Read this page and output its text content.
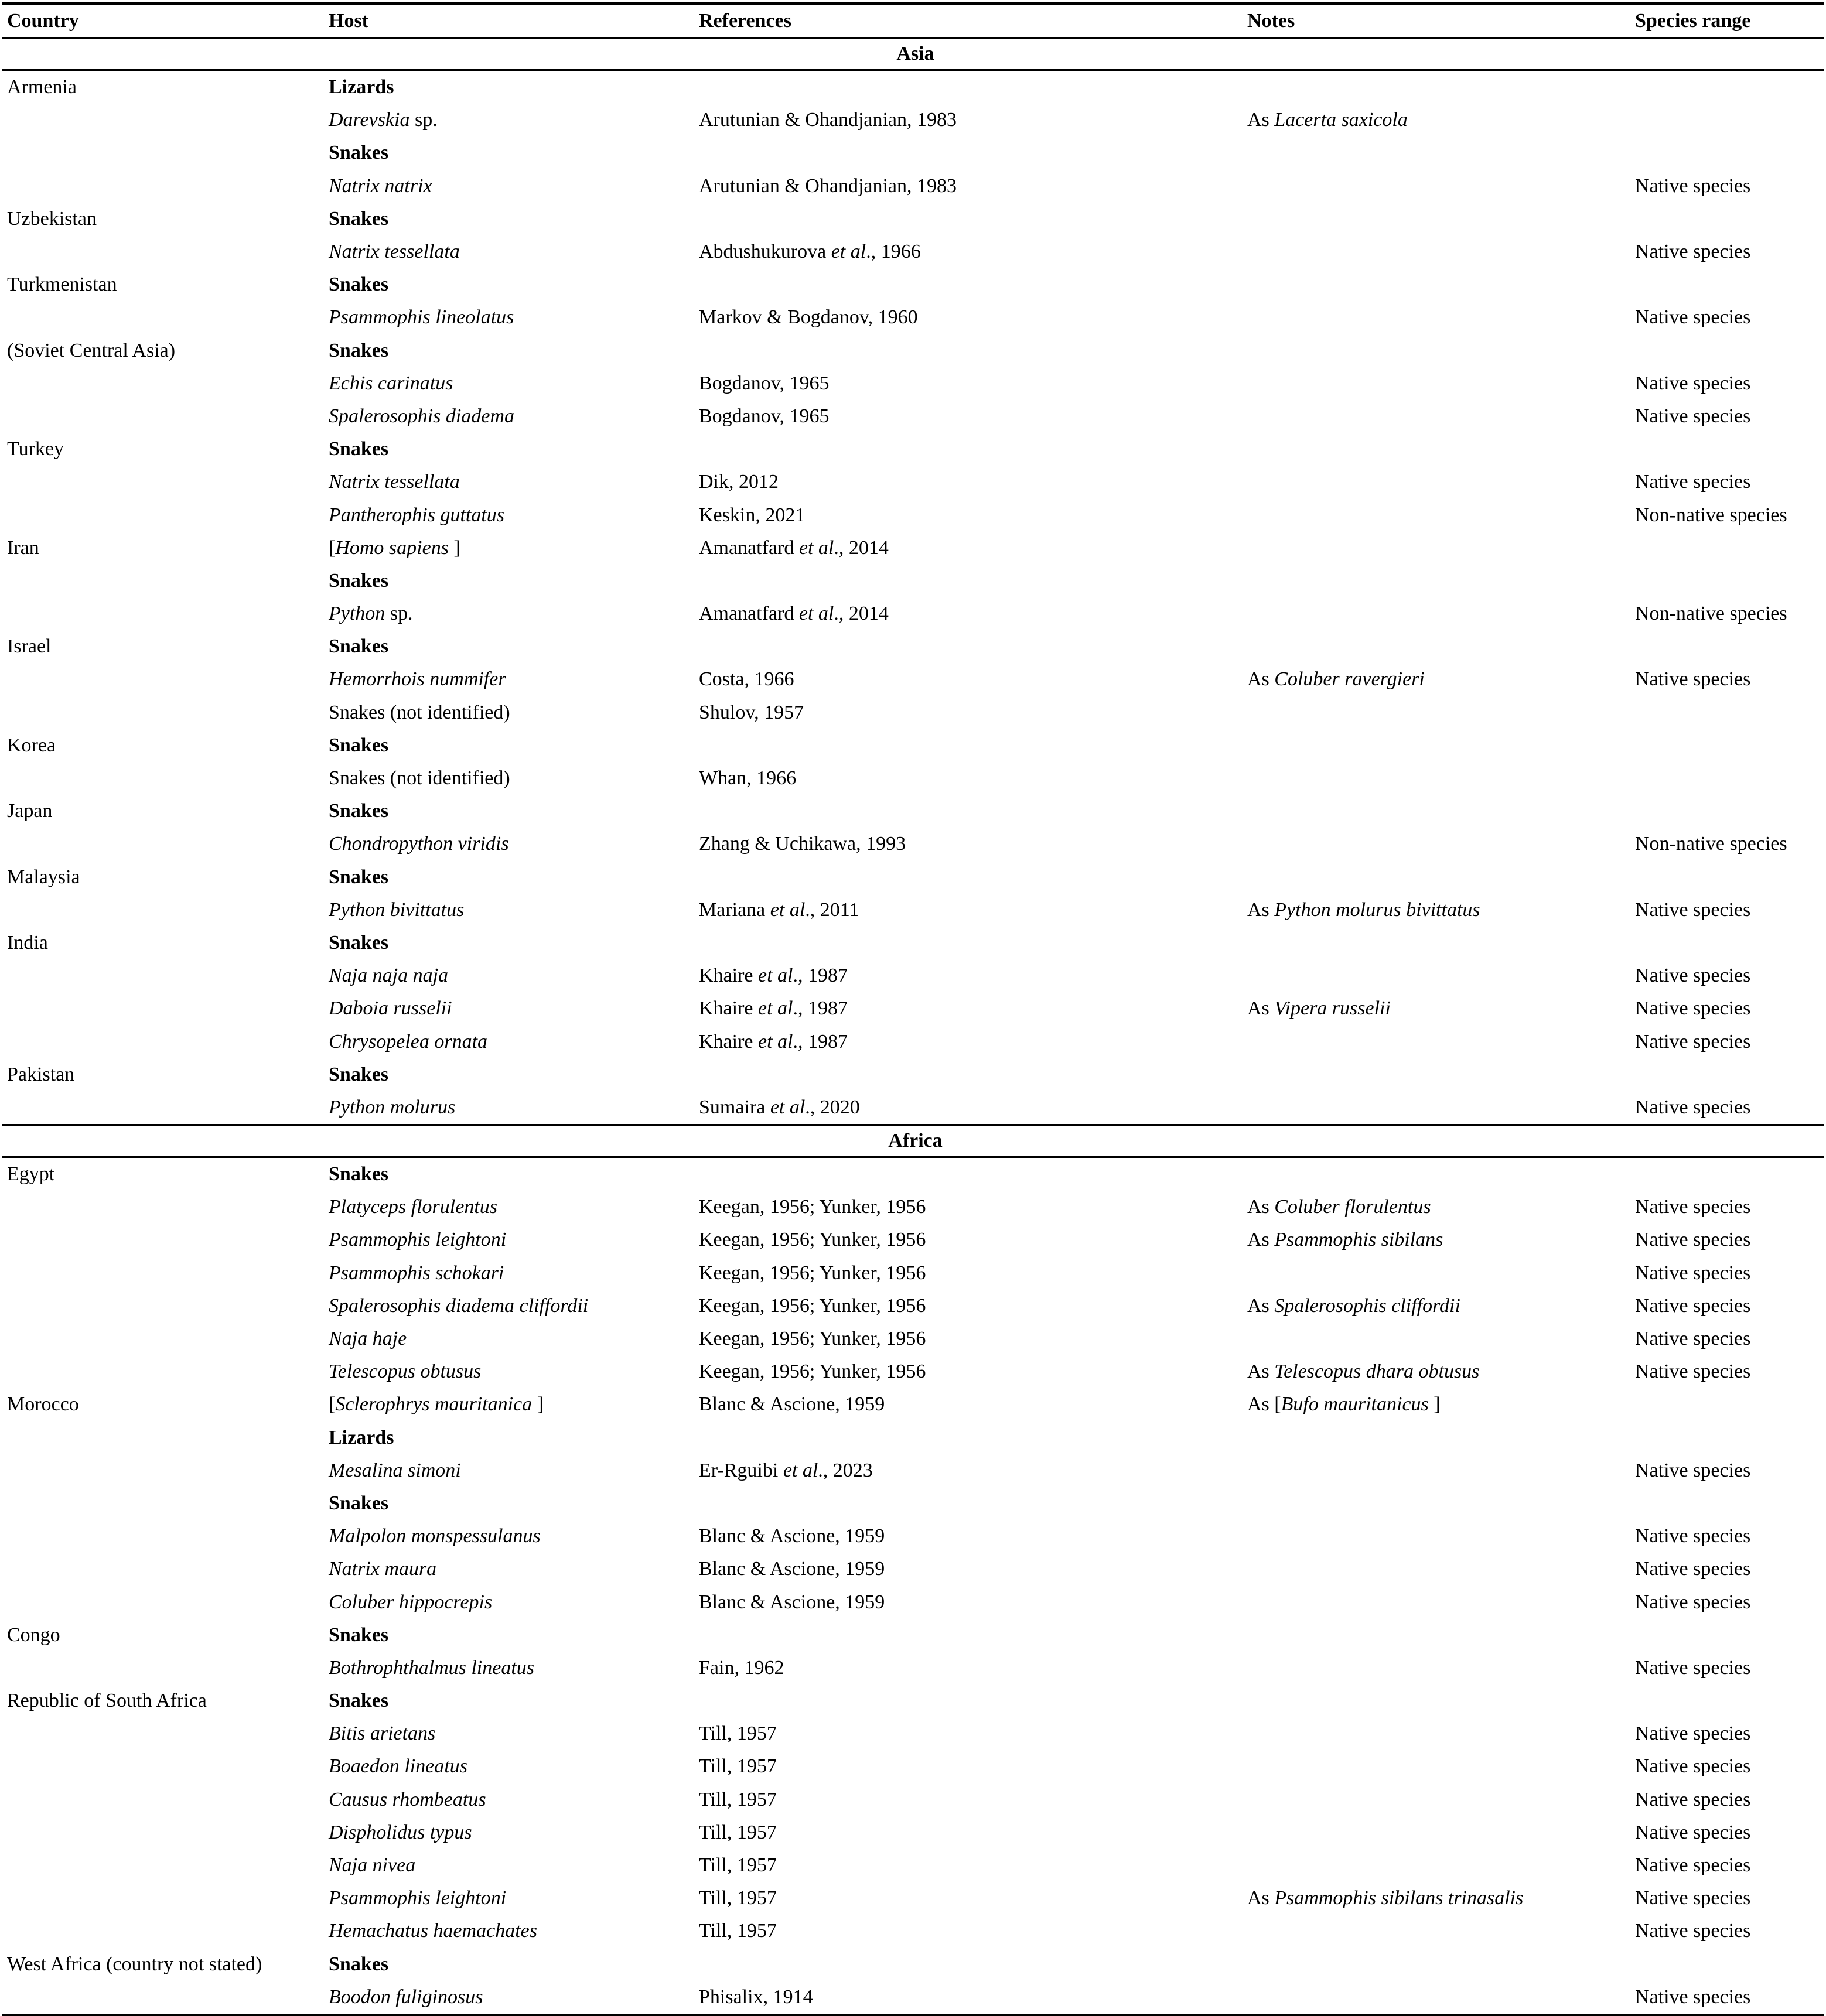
Country	Host	References	Notes	Species range
Asia				
Armenia	Lizards			
	Darevskia sp.	Arutunian & Ohandjanian, 1983	As Lacerta saxicola	
	Snakes			
	Natrix natrix	Arutunian & Ohandjanian, 1983		Native species
Uzbekistan	Snakes			
	Natrix tessellata	Abdushukurova et al., 1966		Native species
Turkmenistan	Snakes			
	Psammophis lineolatus	Markov & Bogdanov, 1960		Native species
(Soviet Central Asia)	Snakes			
	Echis carinatus	Bogdanov, 1965		Native species
	Spalerosophis diadema	Bogdanov, 1965		Native species
Turkey	Snakes			
	Natrix tessellata	Dik, 2012		Native species
	Pantherophis guttatus	Keskin, 2021		Non-native species
Iran	[Homo sapiens ]	Amanatfard et al., 2014		
	Snakes			
	Python sp.	Amanatfard et al., 2014		Non-native species
Israel	Snakes			
	Hemorrhois nummifer	Costa, 1966	As Coluber ravergieri	Native species
	Snakes (not identified)	Shulov, 1957		
Korea	Snakes			
	Snakes (not identified)	Whan, 1966		
Japan	Snakes			
	Chondropython viridis	Zhang & Uchikawa, 1993		Non-native species
Malaysia	Snakes			
	Python bivittatus	Mariana et al., 2011	As Python molurus bivittatus	Native species
India	Snakes			
	Naja naja naja	Khaire et al., 1987		Native species
	Daboia russelii	Khaire et al., 1987	As Vipera russelii	Native species
	Chrysopelea ornata	Khaire et al., 1987		Native species
Pakistan	Snakes			
	Python molurus	Sumaira et al., 2020		Native species
Africa				
Egypt	Snakes			
	Platyceps florulentus	Keegan, 1956; Yunker, 1956	As Coluber florulentus	Native species
	Psammophis leightoni	Keegan, 1956; Yunker, 1956	As Psammophis sibilans	Native species
	Psammophis schokari	Keegan, 1956; Yunker, 1956		Native species
	Spalerosophis diadema cliffordii	Keegan, 1956; Yunker, 1956	As Spalerosophis cliffordii	Native species
	Naja haje	Keegan, 1956; Yunker, 1956		Native species
	Telescopus obtusus	Keegan, 1956; Yunker, 1956	As Telescopus dhara obtusus	Native species
Morocco	[Sclerophrys mauritanica ]	Blanc & Ascione, 1959	As [Bufo mauritanicus ]	
	Lizards			
	Mesalina simoni	Er-Rguibi et al., 2023		Native species
	Snakes			
	Malpolon monspessulanus	Blanc & Ascione, 1959		Native species
	Natrix maura	Blanc & Ascione, 1959		Native species
	Coluber hippocrepis	Blanc & Ascione, 1959		Native species
Congo	Snakes			
	Bothrophthalmus lineatus	Fain, 1962		Native species
Republic of South Africa	Snakes			
	Bitis arietans	Till, 1957		Native species
	Boaedon lineatus	Till, 1957		Native species
	Causus rhombeatus	Till, 1957		Native species
	Dispholidus typus	Till, 1957		Native species
	Naja nivea	Till, 1957		Native species
	Psammophis leightoni	Till, 1957	As Psammophis sibilans trinasalis	Native species
	Hemachatus haemachates	Till, 1957		Native species
West Africa (country not stated)	Snakes			
	Boodon fuliginosus	Phisalix, 1914		Native species
